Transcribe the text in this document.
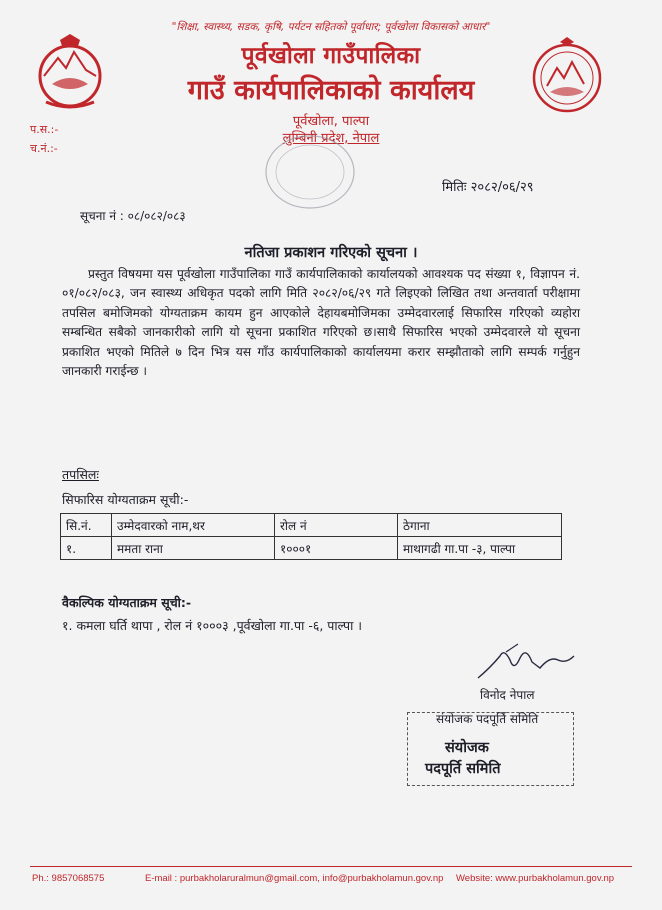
"शिक्षा, स्वास्थ्य, सडक, कृषि, पर्यटन सहितको पूर्वाधार; पूर्वखोला विकासको आधार"
पूर्वखोला गाउँपालिका
गाउँ कार्यपालिकाको कार्यालय
पूर्वखोला, पाल्पा
लुम्बिनी प्रदेश, नेपाल
प.स.:-
च.नं.:-
मितिः २०८२/०६/२९
सूचना नं : ०८/०८२/०८३
नतिजा प्रकाशन गरिएको सूचना ।
प्रस्तुत विषयमा यस पूर्वखोला गाउँपालिका गाउँ कार्यपालिकाको कार्यालयको आवश्यक पद संख्या १, विज्ञापन नं. ०१/०८२/०८३, जन स्वास्थ्य अधिकृत पदको लागि मिति २०८२/०६/२९ गते लिइएको लिखित तथा अन्तवार्ता परीक्षामा तपसिल बमोजिमको योग्यताक्रम कायम हुन आएकोले देहायबमोजिमका उम्मेदवारलाई सिफारिस गरिएको व्यहोरा सम्बन्धित सबैको जानकारीको लागि यो सूचना प्रकाशित गरिएको छ।साथै सिफारिस भएको उम्मेदवारले यो सूचना प्रकाशित भएको मितिले ७ दिन भित्र यस गाँउ कार्यपालिकाको कार्यालयमा करार सम्झौताको लागि सम्पर्क गर्नुहुन जानकारी गराईन्छ ।
तपसिलः
सिफारिस योग्यताक्रम सूची:-
सि.नं.	उम्मेदवारको नाम,थर	रोल नं	ठेगाना
१.	ममता राना	१०००१	माथागढी गा.पा -३, पाल्पा
वैकल्पिक योग्यताक्रम सूची:-
१. कमला घर्ति थापा , रोल नं १०००३ ,पूर्वखोला गा.पा -६, पाल्पा ।
विनोद नेपाल
संयोजक पदपूर्ति समिति
संयोजक
पदपूर्ति समिति
Ph.: 9857068575	E-mail : purbakholaruralmun@gmail.com, info@purbakholamun.gov.np Website: www.purbakholamun.gov.np
